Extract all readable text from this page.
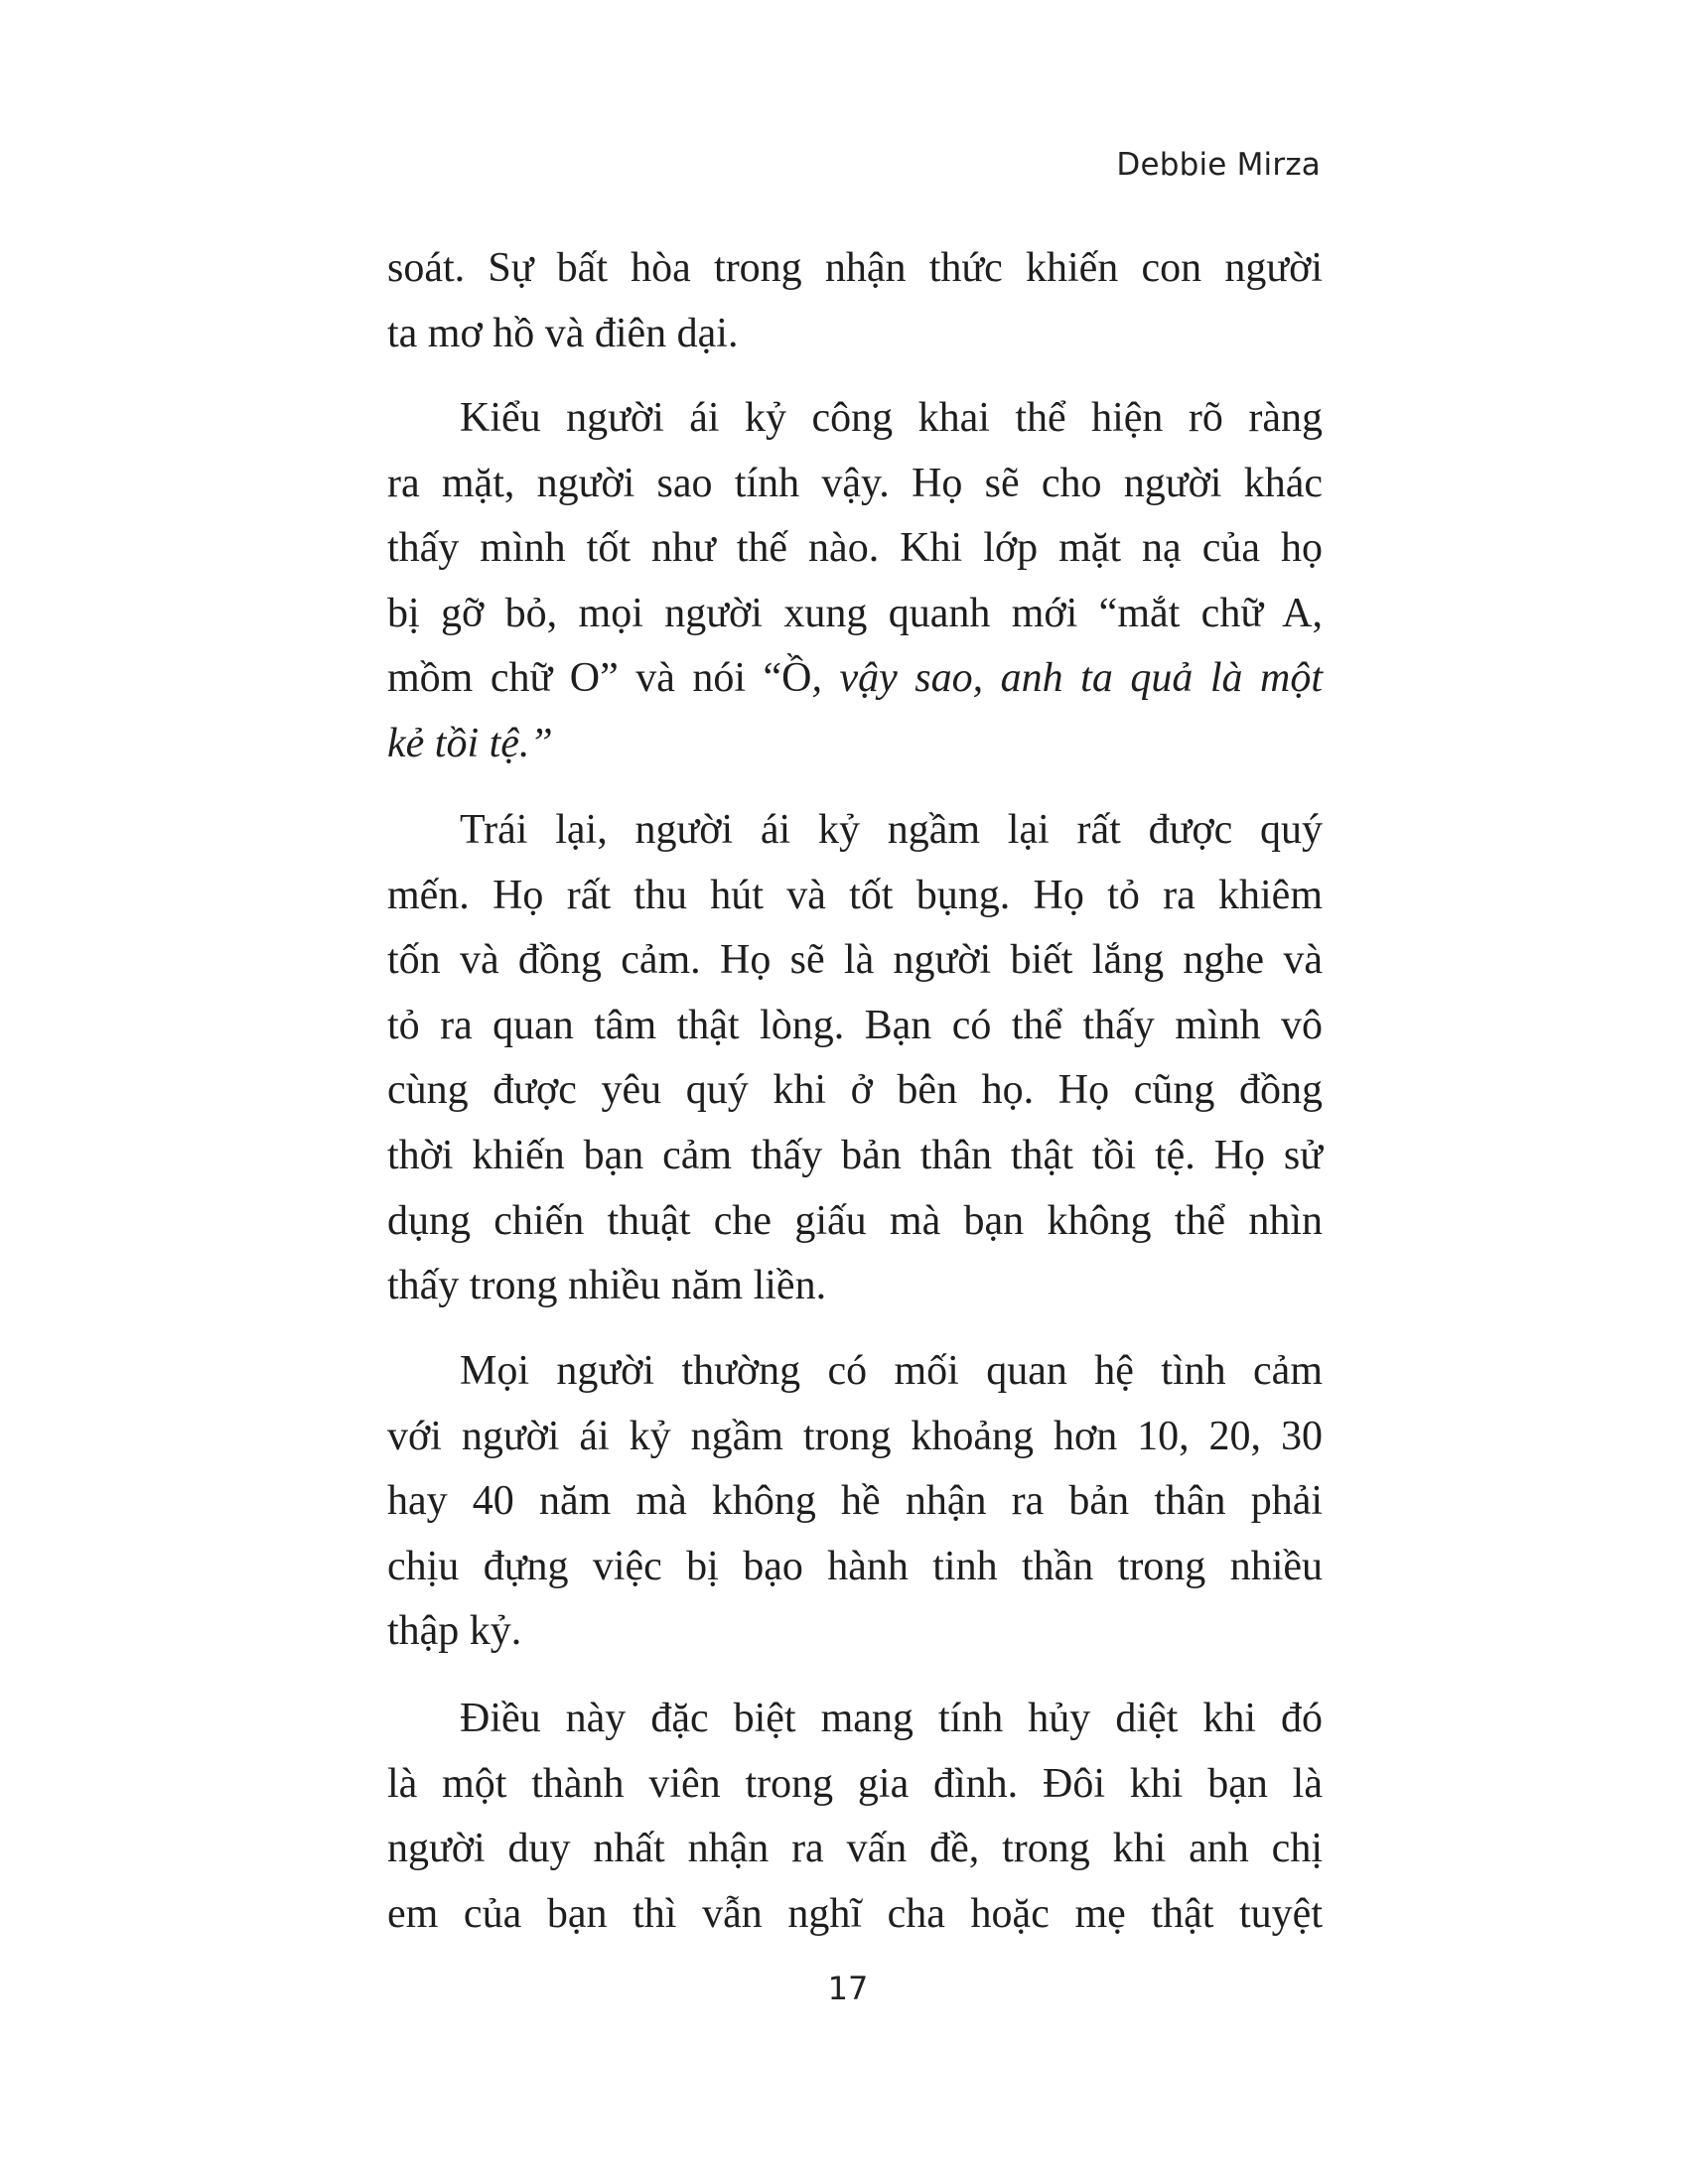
Debbie Mirza
soát. Sự bất hòa trong nhận thức khiến con người
ta mơ hồ và điên dại.
Kiểu người ái kỷ công khai thể hiện rõ ràng
ra mặt, người sao tính vậy. Họ sẽ cho người khác
thấy mình tốt như thế nào. Khi lớp mặt nạ của họ
bị gỡ bỏ, mọi người xung quanh mới “mắt chữ A,
mồm chữ O” và nói “Ồ, vậy sao, anh ta quả là một
kẻ tồi tệ.”
Trái lại, người ái kỷ ngầm lại rất được quý
mến. Họ rất thu hút và tốt bụng. Họ tỏ ra khiêm
tốn và đồng cảm. Họ sẽ là người biết lắng nghe và
tỏ ra quan tâm thật lòng. Bạn có thể thấy mình vô
cùng được yêu quý khi ở bên họ. Họ cũng đồng
thời khiến bạn cảm thấy bản thân thật tồi tệ. Họ sử
dụng chiến thuật che giấu mà bạn không thể nhìn
thấy trong nhiều năm liền.
Mọi người thường có mối quan hệ tình cảm
với người ái kỷ ngầm trong khoảng hơn 10, 20, 30
hay 40 năm mà không hề nhận ra bản thân phải
chịu đựng việc bị bạo hành tinh thần trong nhiều
thập kỷ.
Điều này đặc biệt mang tính hủy diệt khi đó
là một thành viên trong gia đình. Đôi khi bạn là
người duy nhất nhận ra vấn đề, trong khi anh chị
em của bạn thì vẫn nghĩ cha hoặc mẹ thật tuyệt
17
